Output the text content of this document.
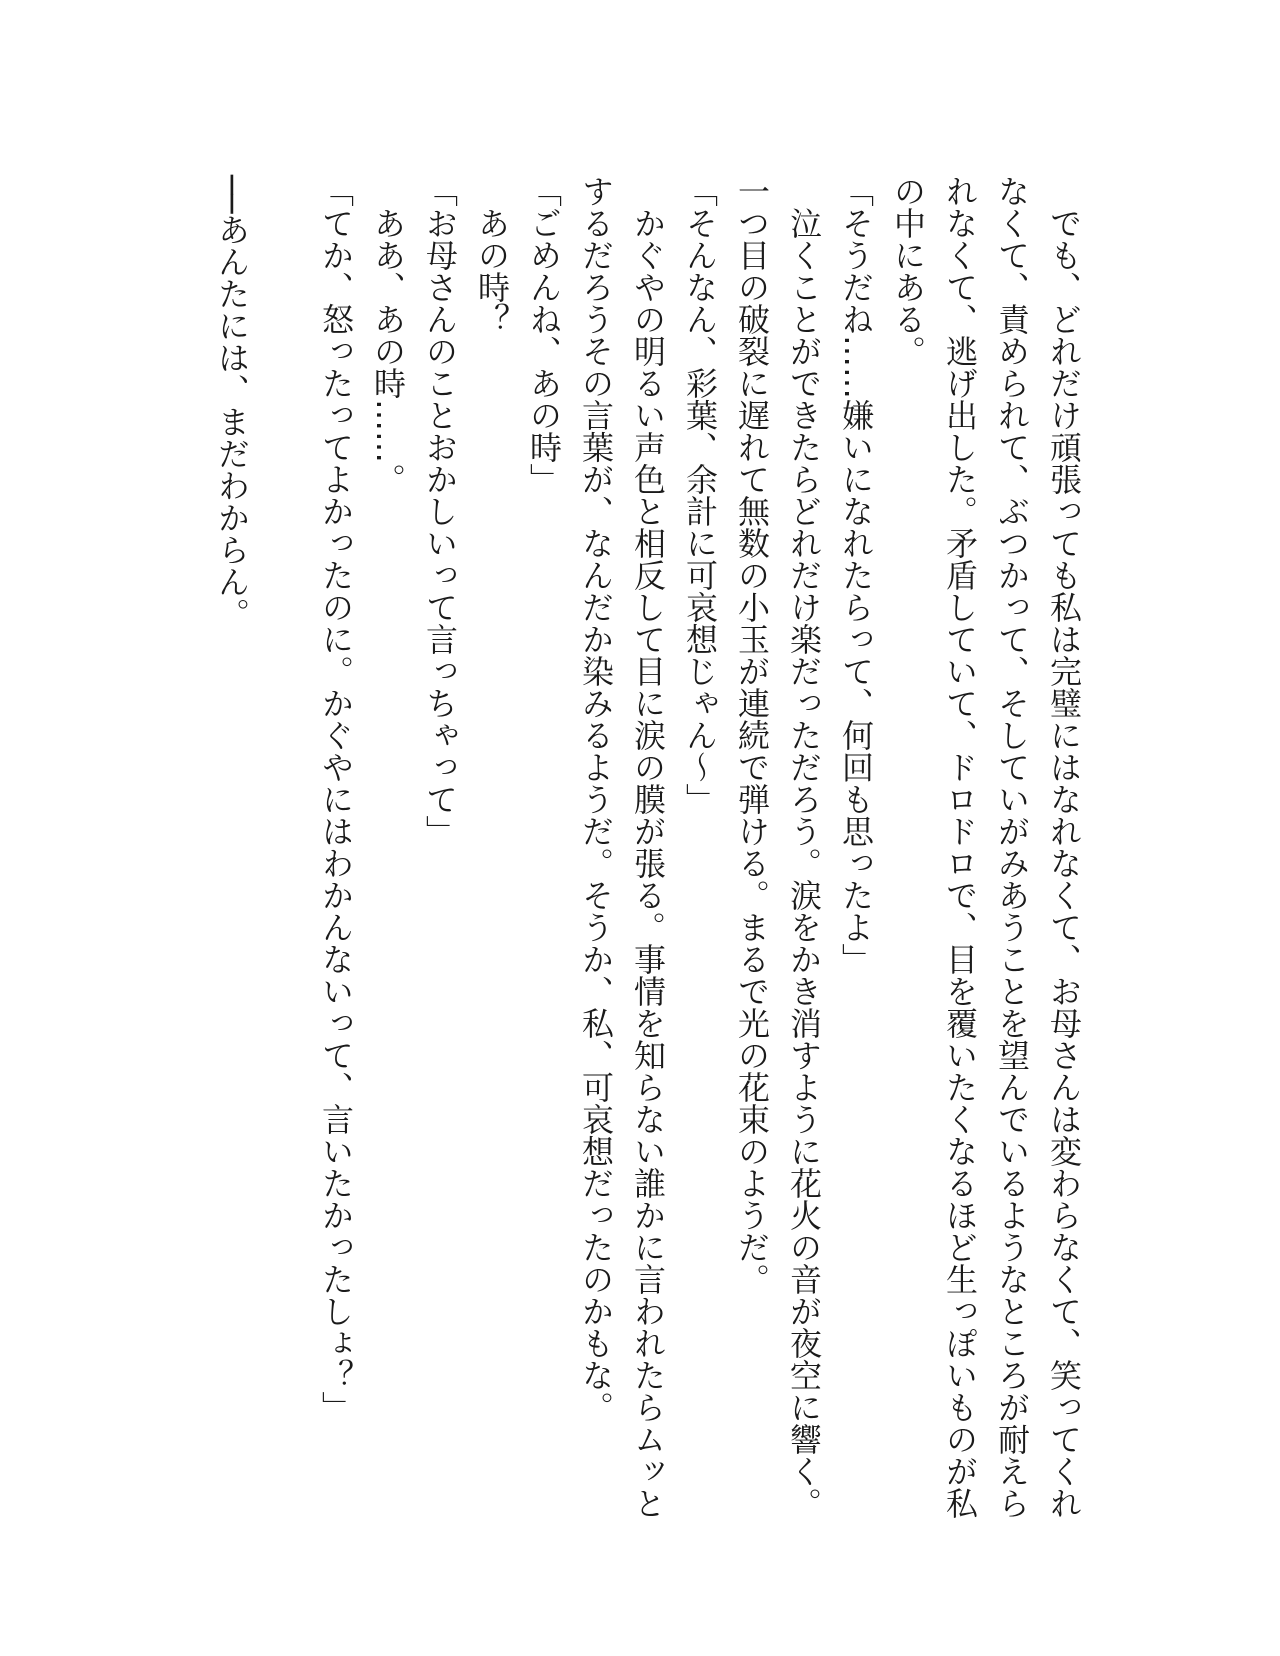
でも、どれだけ頑張っても私は完璧にはなれなくて、お母さんは変わらなくて、笑ってくれなくて、責められて、ぶつかって、そしていがみあうことを望んでいるようなところが耐えられなくて、逃げ出した。矛盾していて、ドロドロで、目を覆いたくなるほど生っぽいものが私の中にある。
「そうだね……嫌いになれたらって、何回も思ったよ」
泣くことができたらどれだけ楽だっただろう。涙をかき消すように花火の音が夜空に響く。一つ目の破裂に遅れて無数の小玉が連続で弾ける。まるで光の花束のようだ。
「そんなん、彩葉、余計に可哀想じゃん〜」
かぐやの明るい声色と相反して目に涙の膜が張る。事情を知らない誰かに言われたらムッとするだろうその言葉が、なんだか染みるようだ。そうか、私、可哀想だったのかもな。
「ごめんね、あの時」
あの時？
「お母さんのことおかしいって言っちゃって」
ああ、あの時……。
「てか、怒ったってよかったのに。かぐやにはわかんないって、言いたかったしょ？」
──あんたには、まだわからん。
